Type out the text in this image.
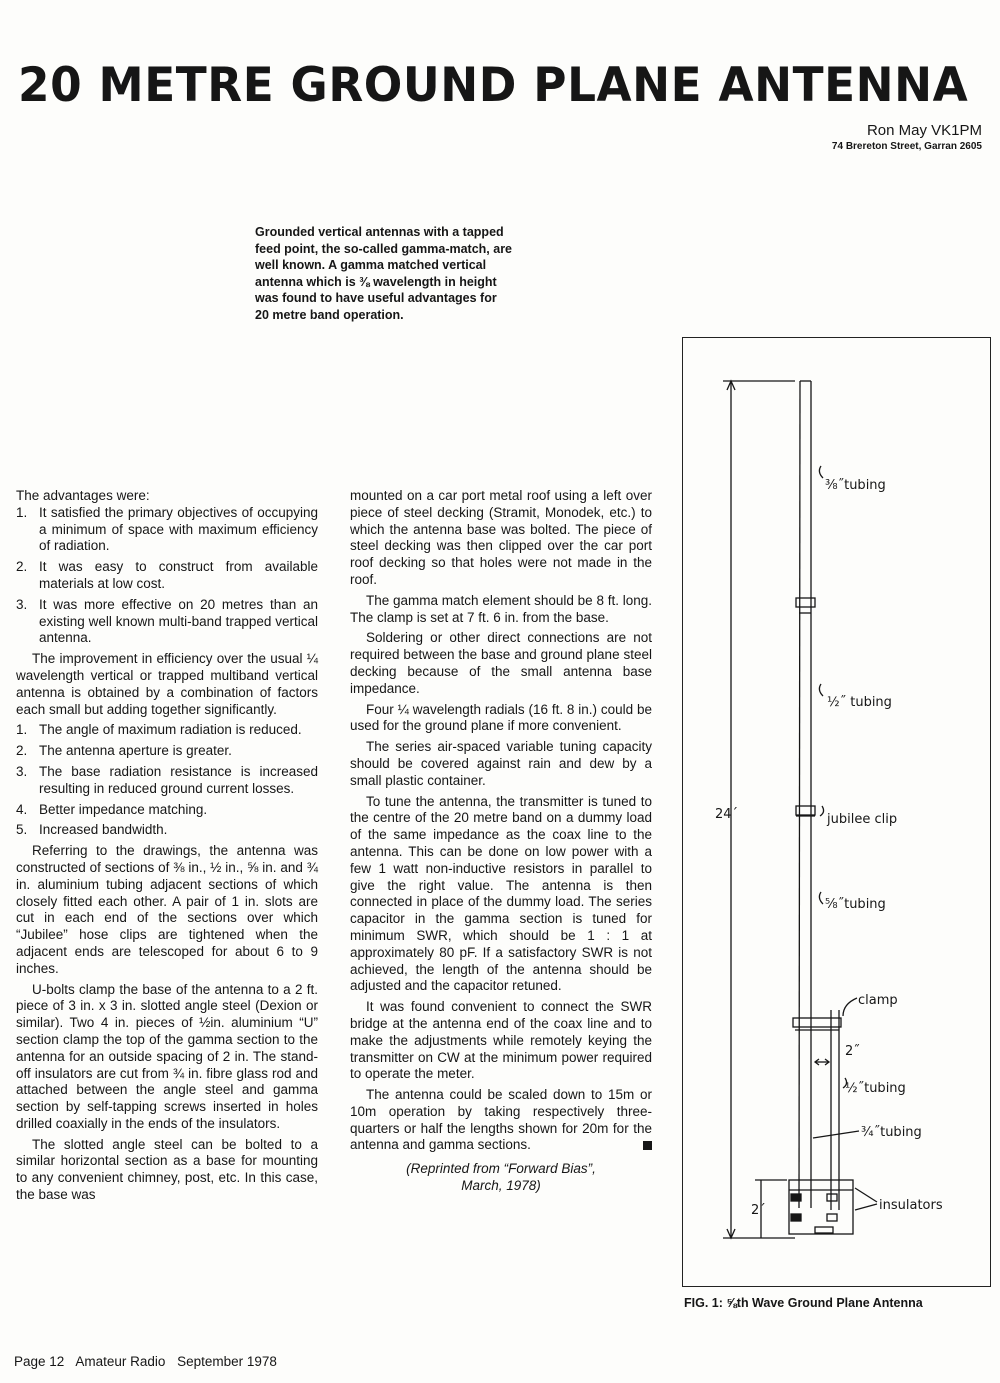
20 METRE GROUND PLANE ANTENNA
Ron May VK1PM
74 Brereton Street, Garran 2605

Grounded vertical antennas with a tapped feed point, the so-called gamma-match, are well known. A gamma matched vertical antenna which is ⅜ wavelength in height was found to have useful advantages for 20 metre band operation.

The advantages were:

1. It satisfied the primary objectives of occupying a minimum of space with maximum efficiency of radiation.
2. It was easy to construct from available materials at low cost.
3. It was more effective on 20 metres than an existing well known multi-band trapped vertical antenna.

The improvement in efficiency over the usual ¼ wavelength vertical or trapped multiband vertical antenna is obtained by a combination of factors each small but adding together significantly.

1. The angle of maximum radiation is reduced.
2. The antenna aperture is greater.
3. The base radiation resistance is increased resulting in reduced ground current losses.
4. Better impedance matching.
5. Increased bandwidth.

Referring to the drawings, the antenna was constructed of sections of ⅜ in., ½ in., ⅝ in. and ¾ in. aluminium tubing adjacent sections of which closely fitted each other. A pair of 1 in. slots are cut in each end of the sections over which “Jubilee” hose clips are tightened when the adjacent ends are telescoped for about 6 to 9 inches.

U-bolts clamp the base of the antenna to a 2 ft. piece of 3 in. x 3 in. slotted angle steel (Dexion or similar). Two 4 in. pieces of ½in. aluminium “U” section clamp the top of the gamma section to the antenna for an outside spacing of 2 in. The stand-off insulators are cut from ¾ in. fibre glass rod and attached between the angle steel and gamma section by self-tapping screws inserted in holes drilled coaxially in the ends of the insulators.

The slotted angle steel can be bolted to a similar horizontal section as a base for mounting to any convenient chimney, post, etc. In this case, the base was

mounted on a car port metal roof using a left over piece of steel decking (Stramit, Monodek, etc.) to which the antenna base was bolted. The piece of steel decking was then clipped over the car port roof decking so that holes were not made in the roof.

The gamma match element should be 8 ft. long. The clamp is set at 7 ft. 6 in. from the base.

Soldering or other direct connections are not required between the base and ground plane steel decking because of the small antenna base impedance.

Four ¼ wavelength radials (16 ft. 8 in.) could be used for the ground plane if more convenient.

The series air-spaced variable tuning capacity should be covered against rain and dew by a small plastic container.

To tune the antenna, the transmitter is tuned to the centre of the 20 metre band on a dummy load of the same impedance as the coax line to the antenna. This can be done on low power with a few 1 watt non-inductive resistors in parallel to give the right value. The antenna is then connected in place of the dummy load. The series capacitor in the gamma section is tuned for minimum SWR, which should be 1 : 1 at approximately 80 pF. If a satisfactory SWR is not achieved, the length of the antenna should be adjusted and the capacitor retuned.

It was found convenient to connect the SWR bridge at the antenna end of the coax line and to make the adjustments while remotely keying the transmitter on CW at the minimum power required to operate the meter.

The antenna could be scaled down to 15m or 10m operation by taking respectively three-quarters or half the lengths shown for 20m for the antenna and gamma sections.

(Reprinted from “Forward Bias”,
March, 1978)
⅜˝tubing
½˝ tubing
jubilee clip
⅝˝tubing
clamp
2˝
½˝tubing
¾˝tubing
insulators
24´
2´
FIG. 1: ⅝th Wave Ground Plane Antenna
Page 12 Amateur Radio September 1978
